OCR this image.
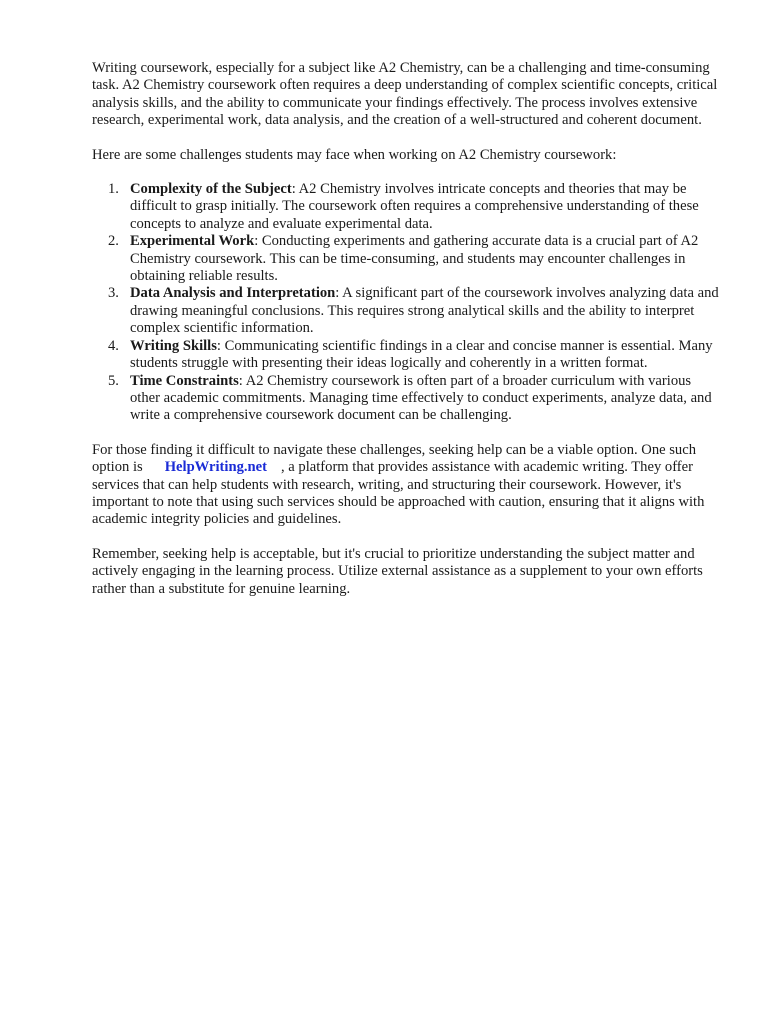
Writing coursework, especially for a subject like A2 Chemistry, can be a challenging and time-consuming task. A2 Chemistry coursework often requires a deep understanding of complex scientific concepts, critical analysis skills, and the ability to communicate your findings effectively. The process involves extensive research, experimental work, data analysis, and the creation of a well-structured and coherent document.

Here are some challenges students may face when working on A2 Chemistry coursework:

1. Complexity of the Subject: A2 Chemistry involves intricate concepts and theories that may be difficult to grasp initially. The coursework often requires a comprehensive understanding of these concepts to analyze and evaluate experimental data.
2. Experimental Work: Conducting experiments and gathering accurate data is a crucial part of A2 Chemistry coursework. This can be time-consuming, and students may encounter challenges in obtaining reliable results.
3. Data Analysis and Interpretation: A significant part of the coursework involves analyzing data and drawing meaningful conclusions. This requires strong analytical skills and the ability to interpret complex scientific information.
4. Writing Skills: Communicating scientific findings in a clear and concise manner is essential. Many students struggle with presenting their ideas logically and coherently in a written format.
5. Time Constraints: A2 Chemistry coursework is often part of a broader curriculum with various other academic commitments. Managing time effectively to conduct experiments, analyze data, and write a comprehensive coursework document can be challenging.

For those finding it difficult to navigate these challenges, seeking help can be a viable option. One such option is HelpWriting.net , a platform that provides assistance with academic writing. They offer services that can help students with research, writing, and structuring their coursework. However, it's important to note that using such services should be approached with caution, ensuring that it aligns with academic integrity policies and guidelines.

Remember, seeking help is acceptable, but it's crucial to prioritize understanding the subject matter and actively engaging in the learning process. Utilize external assistance as a supplement to your own efforts rather than a substitute for genuine learning.
